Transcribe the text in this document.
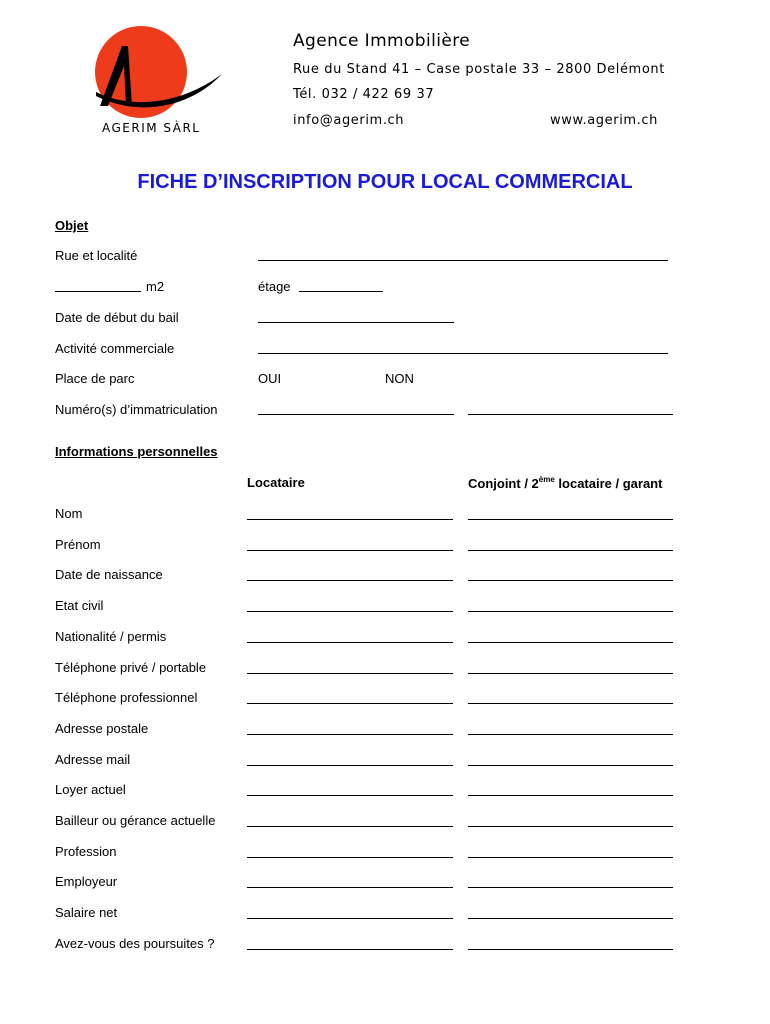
AGERIM SÀRL
Agence Immobilière
Rue du Stand 41 – Case postale 33 – 2800 Delémont
Tél. 032 / 422 69 37
info@agerim.ch	www.agerim.ch
FICHE D’INSCRIPTION POUR LOCAL COMMERCIAL
Objet
Rue et localité
m2	étage
Date de début du bail
Activité commerciale
Place de parc	OUI	NON
Numéro(s) d’immatriculation
Informations personnelles
Locataire	Conjoint / 2ème locataire / garant
Nom
Prénom
Date de naissance
Etat civil
Nationalité / permis
Téléphone privé / portable
Téléphone professionnel
Adresse postale
Adresse mail
Loyer actuel
Bailleur ou gérance actuelle
Profession
Employeur
Salaire net
Avez-vous des poursuites ?
